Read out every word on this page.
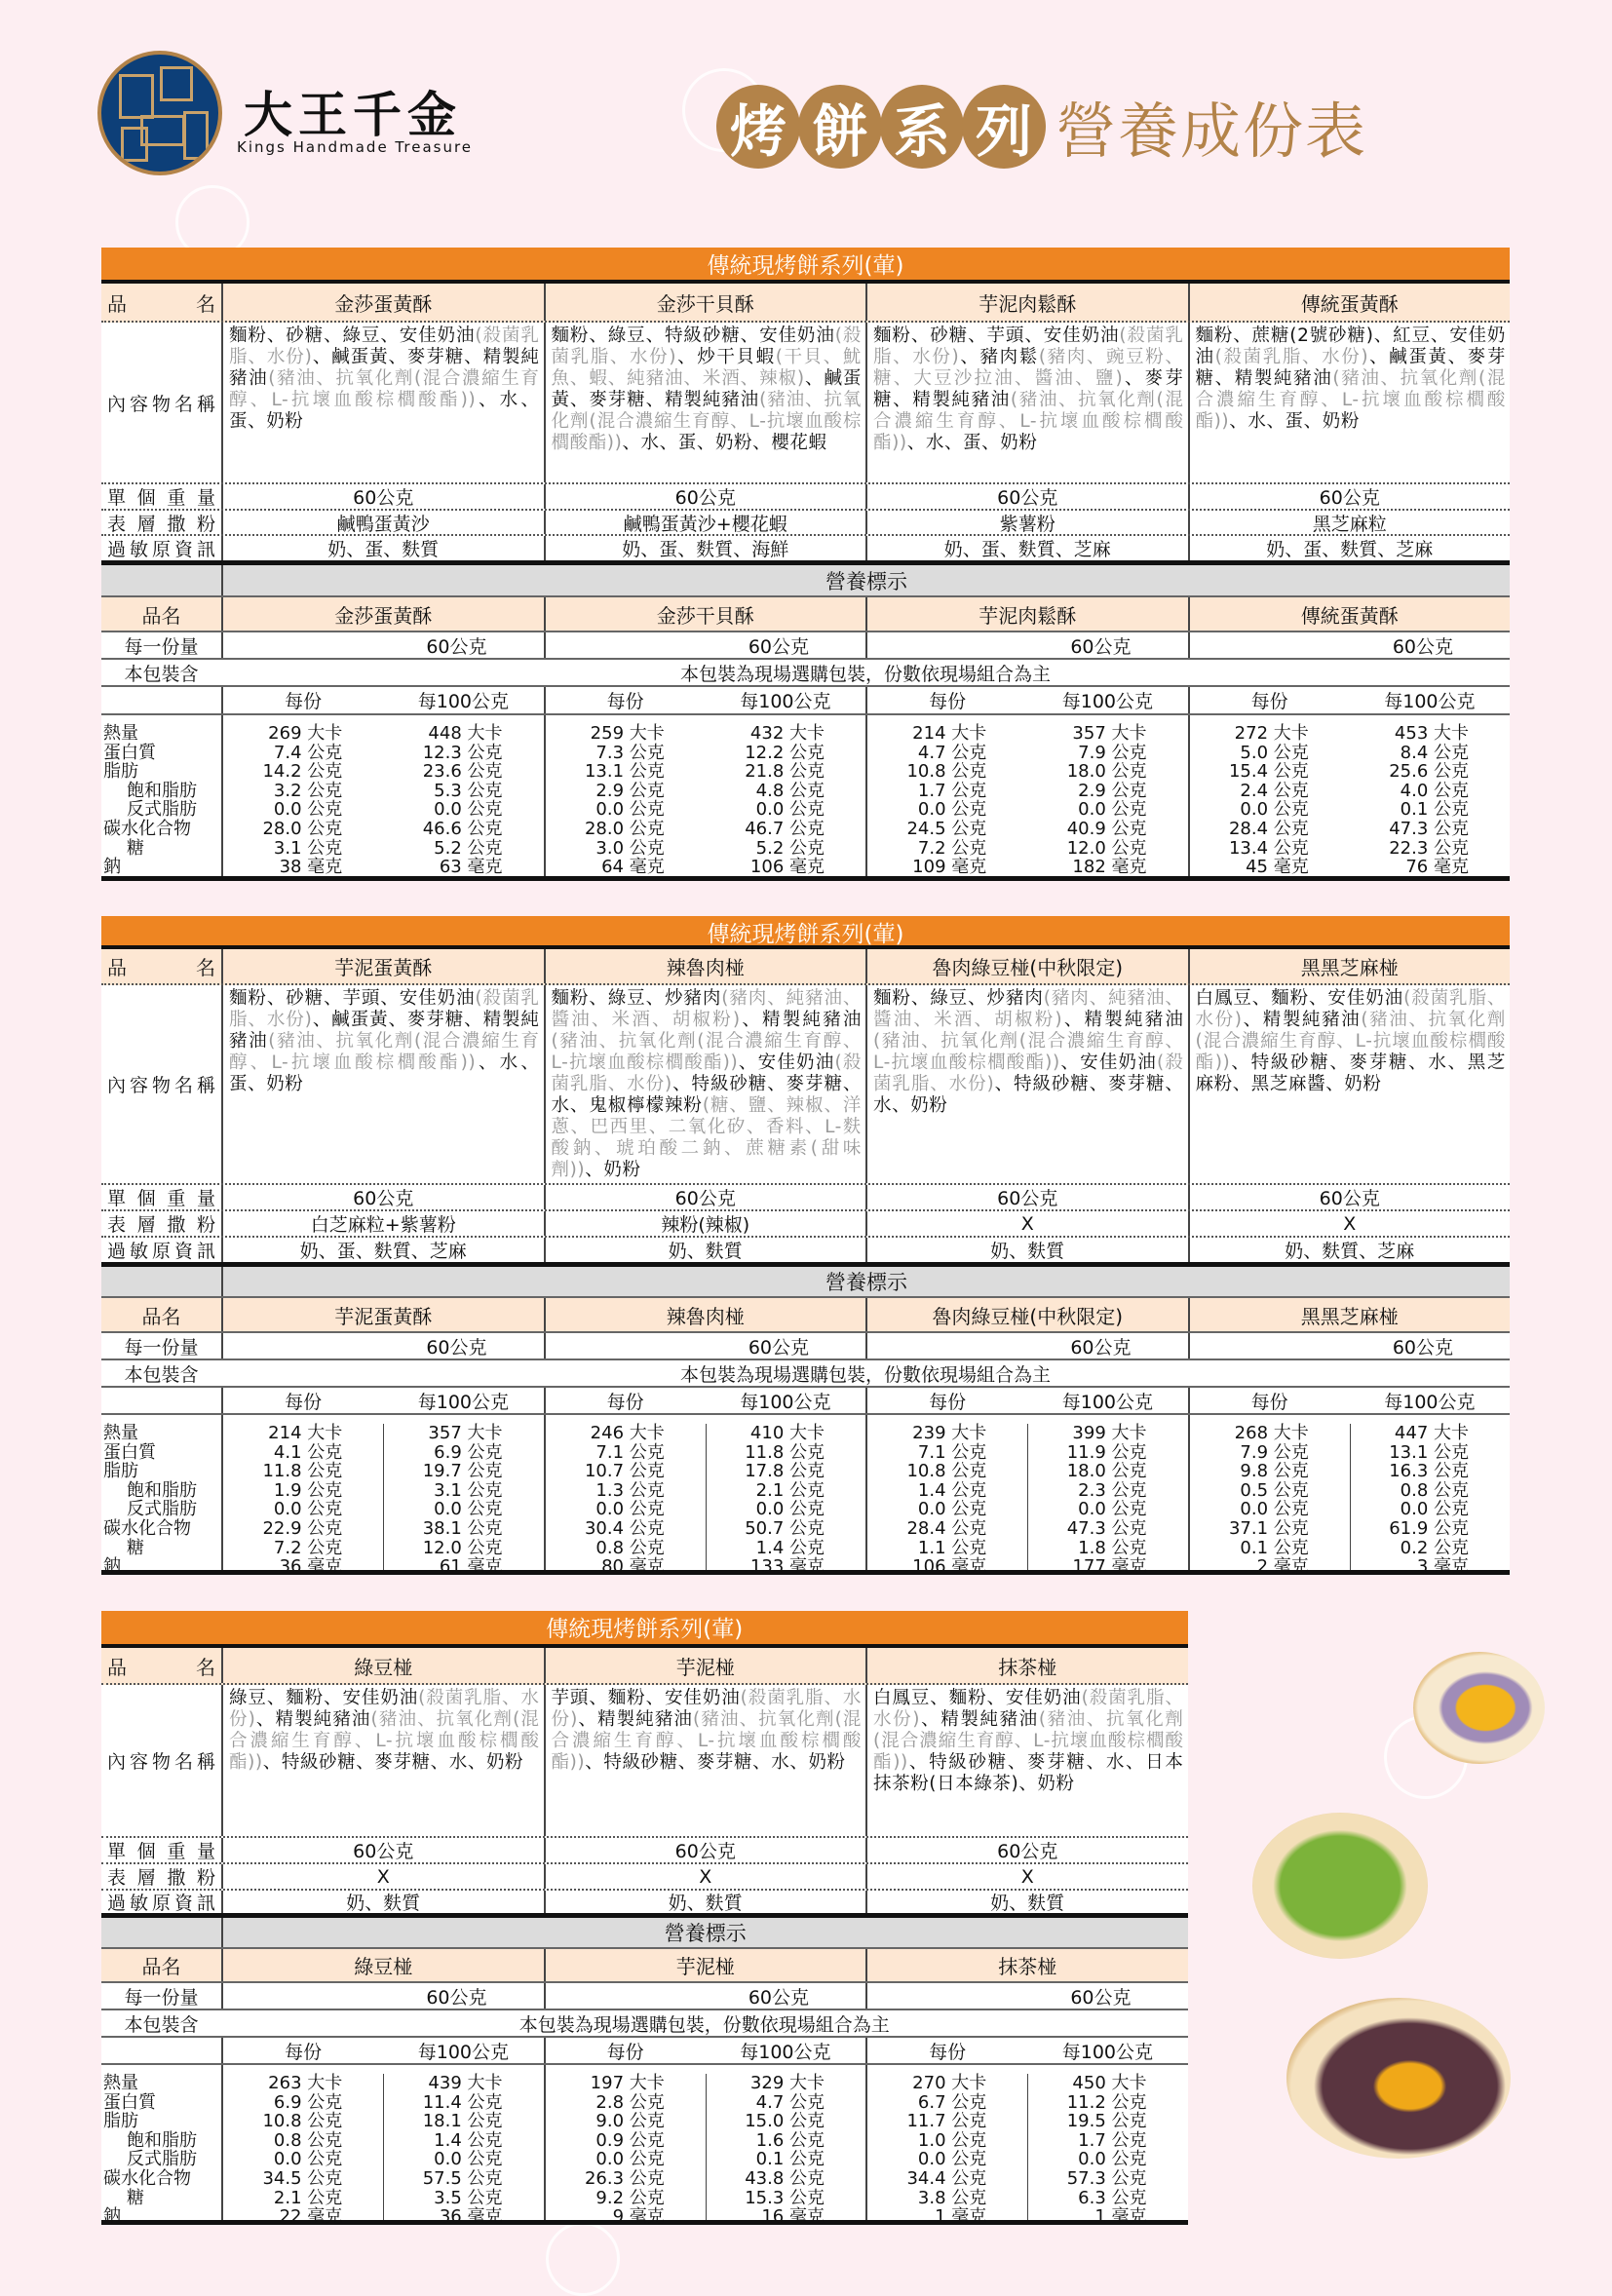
大王千金
Kings Handmade Treasure	烤 餅 系 列 營養成份表
傳統現烤餅系列(葷)
品　名	金莎蛋黃酥	金莎干貝酥	芋泥肉鬆酥	傳統蛋黃酥
內容物名稱
麵粉、砂糖、綠豆、安佳奶油(殺菌乳脂、水份)、鹹蛋黃、麥芽糖、精製純豬油(豬油、抗氧化劑(混合濃縮生育醇、L-抗壞血酸棕櫚酸酯))、水、蛋、奶粉
麵粉、綠豆、特級砂糖、安佳奶油(殺菌乳脂、水份)、炒干貝蝦(干貝、魷魚、蝦、純豬油、米酒、辣椒)、鹹蛋黃、麥芽糖、精製純豬油(豬油、抗氧化劑(混合濃縮生育醇、L-抗壞血酸棕櫚酸酯))、水、蛋、奶粉、櫻花蝦
麵粉、砂糖、芋頭、安佳奶油(殺菌乳脂、水份)、豬肉鬆(豬肉、豌豆粉、糖、大豆沙拉油、醬油、鹽)、麥芽糖、精製純豬油(豬油、抗氧化劑(混合濃縮生育醇、L-抗壞血酸棕櫚酸酯))、水、蛋、奶粉
麵粉、蔗糖(2號砂糖)、紅豆、安佳奶油(殺菌乳脂、水份)、鹹蛋黃、麥芽糖、精製純豬油(豬油、抗氧化劑(混合濃縮生育醇、L-抗壞血酸棕櫚酸酯))、水、蛋、奶粉
單個重量	60公克	60公克	60公克	60公克
表層撒粉	鹹鴨蛋黃沙	鹹鴨蛋黃沙+櫻花蝦	紫薯粉	黑芝麻粒
過敏原資訊	奶、蛋、麩質	奶、蛋、麩質、海鮮	奶、蛋、麩質、芝麻	奶、蛋、麩質、芝麻
營養標示
品名	金莎蛋黃酥	金莎干貝酥	芋泥肉鬆酥	傳統蛋黃酥
每一份量	60公克	60公克	60公克	60公克
本包裝含	本包裝為現場選購包裝，份數依現場組合為主
每份	每100公克	每份	每100公克	每份	每100公克	每份	每100公克
熱量
蛋白質
脂肪
飽和脂肪
反式脂肪
碳水化合物
糖
鈉
269 大卡
7.4 公克
14.2 公克
3.2 公克
0.0 公克
28.0 公克
3.1 公克
38 毫克
448 大卡
12.3 公克
23.6 公克
5.3 公克
0.0 公克
46.6 公克
5.2 公克
63 毫克
259 大卡
7.3 公克
13.1 公克
2.9 公克
0.0 公克
28.0 公克
3.0 公克
64 毫克
432 大卡
12.2 公克
21.8 公克
4.8 公克
0.0 公克
46.7 公克
5.2 公克
106 毫克
214 大卡
4.7 公克
10.8 公克
1.7 公克
0.0 公克
24.5 公克
7.2 公克
109 毫克
357 大卡
7.9 公克
18.0 公克
2.9 公克
0.0 公克
40.9 公克
12.0 公克
182 毫克
272 大卡
5.0 公克
15.4 公克
2.4 公克
0.0 公克
28.4 公克
13.4 公克
45 毫克
453 大卡
8.4 公克
25.6 公克
4.0 公克
0.1 公克
47.3 公克
22.3 公克
76 毫克
傳統現烤餅系列(葷)
品　名	芋泥蛋黃酥	辣魯肉椪	魯肉綠豆椪(中秋限定)	黑黑芝麻椪
內容物名稱
麵粉、砂糖、芋頭、安佳奶油(殺菌乳脂、水份)、鹹蛋黃、麥芽糖、精製純豬油(豬油、抗氧化劑(混合濃縮生育醇、L-抗壞血酸棕櫚酸酯))、水、蛋、奶粉
麵粉、綠豆、炒豬肉(豬肉、純豬油、醬油、米酒、胡椒粉)、精製純豬油(豬油、抗氧化劑(混合濃縮生育醇、L-抗壞血酸棕櫚酸酯))、安佳奶油(殺菌乳脂、水份)、特級砂糖、麥芽糖、水、鬼椒檸檬辣粉(糖、鹽、辣椒、洋蔥、巴西里、二氧化矽、香料、L-麩酸鈉、琥珀酸二鈉、蔗糖素(甜味劑))、奶粉
麵粉、綠豆、炒豬肉(豬肉、純豬油、醬油、米酒、胡椒粉)、精製純豬油(豬油、抗氧化劑(混合濃縮生育醇、L-抗壞血酸棕櫚酸酯))、安佳奶油(殺菌乳脂、水份)、特級砂糖、麥芽糖、水、奶粉
白鳳豆、麵粉、安佳奶油(殺菌乳脂、水份)、精製純豬油(豬油、抗氧化劑(混合濃縮生育醇、L-抗壞血酸棕櫚酸酯))、特級砂糖、麥芽糖、水、黑芝麻粉、黑芝麻醬、奶粉
單個重量	60公克	60公克	60公克	60公克
表層撒粉	白芝麻粒+紫薯粉	辣粉(辣椒)	X	X
過敏原資訊	奶、蛋、麩質、芝麻	奶、麩質	奶、麩質	奶、麩質、芝麻
營養標示
品名	芋泥蛋黃酥	辣魯肉椪	魯肉綠豆椪(中秋限定)	黑黑芝麻椪
每一份量	60公克	60公克	60公克	60公克
本包裝含	本包裝為現場選購包裝，份數依現場組合為主
每份	每100公克	每份	每100公克	每份	每100公克	每份	每100公克
熱量
蛋白質
脂肪
飽和脂肪
反式脂肪
碳水化合物
糖
鈉
214 大卡
4.1 公克
11.8 公克
1.9 公克
0.0 公克
22.9 公克
7.2 公克
36 毫克
357 大卡
6.9 公克
19.7 公克
3.1 公克
0.0 公克
38.1 公克
12.0 公克
61 毫克
246 大卡
7.1 公克
10.7 公克
1.3 公克
0.0 公克
30.4 公克
0.8 公克
80 毫克
410 大卡
11.8 公克
17.8 公克
2.1 公克
0.0 公克
50.7 公克
1.4 公克
133 毫克
239 大卡
7.1 公克
10.8 公克
1.4 公克
0.0 公克
28.4 公克
1.1 公克
106 毫克
399 大卡
11.9 公克
18.0 公克
2.3 公克
0.0 公克
47.3 公克
1.8 公克
177 毫克
268 大卡
7.9 公克
9.8 公克
0.5 公克
0.0 公克
37.1 公克
0.1 公克
2 毫克
447 大卡
13.1 公克
16.3 公克
0.8 公克
0.0 公克
61.9 公克
0.2 公克
3 毫克
傳統現烤餅系列(葷)
品　名	綠豆椪	芋泥椪	抹茶椪
內容物名稱
綠豆、麵粉、安佳奶油(殺菌乳脂、水份)、精製純豬油(豬油、抗氧化劑(混合濃縮生育醇、L-抗壞血酸棕櫚酸酯))、特級砂糖、麥芽糖、水、奶粉
芋頭、麵粉、安佳奶油(殺菌乳脂、水份)、精製純豬油(豬油、抗氧化劑(混合濃縮生育醇、L-抗壞血酸棕櫚酸酯))、特級砂糖、麥芽糖、水、奶粉
白鳳豆、麵粉、安佳奶油(殺菌乳脂、水份)、精製純豬油(豬油、抗氧化劑(混合濃縮生育醇、L-抗壞血酸棕櫚酸酯))、特級砂糖、麥芽糖、水、日本抹茶粉(日本綠茶)、奶粉
單個重量	60公克	60公克	60公克
表層撒粉	X	X	X
過敏原資訊	奶、麩質	奶、麩質	奶、麩質
營養標示
品名	綠豆椪	芋泥椪	抹茶椪
每一份量	60公克	60公克	60公克
本包裝含	本包裝為現場選購包裝，份數依現場組合為主
每份	每100公克	每份	每100公克	每份	每100公克
熱量
蛋白質
脂肪
飽和脂肪
反式脂肪
碳水化合物
糖
鈉
263 大卡
6.9 公克
10.8 公克
0.8 公克
0.0 公克
34.5 公克
2.1 公克
22 毫克
439 大卡
11.4 公克
18.1 公克
1.4 公克
0.0 公克
57.5 公克
3.5 公克
36 毫克
197 大卡
2.8 公克
9.0 公克
0.9 公克
0.0 公克
26.3 公克
9.2 公克
9 毫克
329 大卡
4.7 公克
15.0 公克
1.6 公克
0.1 公克
43.8 公克
15.3 公克
16 毫克
270 大卡
6.7 公克
11.7 公克
1.0 公克
0.0 公克
34.4 公克
3.8 公克
1 毫克
450 大卡
11.2 公克
19.5 公克
1.7 公克
0.0 公克
57.3 公克
6.3 公克
1 毫克
